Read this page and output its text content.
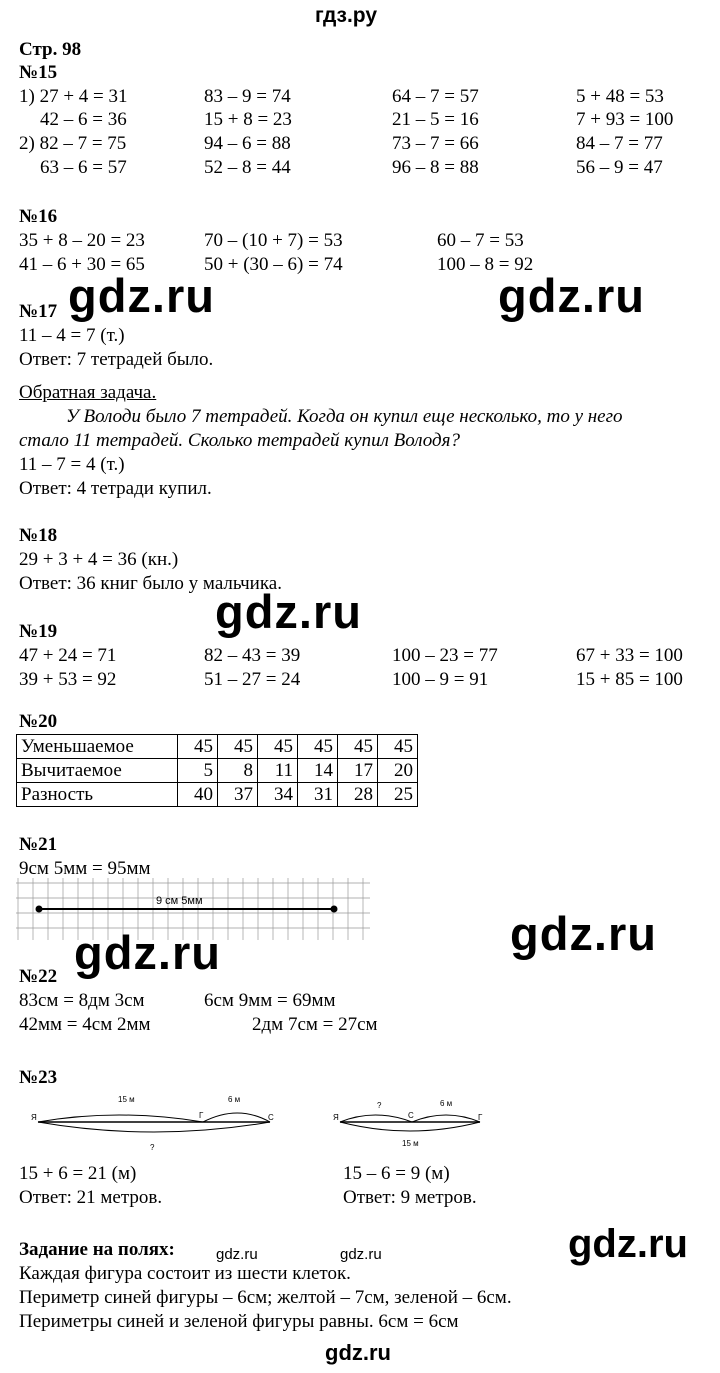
гдз.ру
Стр. 98
№15
1) 27 + 4 = 31	83 – 9 = 74	64 – 7 = 57	5 + 48 = 53
42 – 6 = 36	15 + 8 = 23	21 – 5 = 16	7 + 93 = 100
2) 82 – 7 = 75	94 – 6 = 88	73 – 7 = 66	84 – 7 = 77
63 – 6 = 57	52 – 8 = 44	96 – 8 = 88	56 – 9 = 47
№16
35 + 8 – 20 = 23	70 – (10 + 7) = 53	60 – 7 = 53
41 – 6 + 30 = 65	50 + (30 – 6) = 74	100 – 8 = 92
gdz.ru	gdz.ru
№17
11 – 4 = 7 (т.)
Ответ: 7 тетрадей было.
Обратная задача.
У Володи было 7 тетрадей. Когда он купил еще несколько, то у него
стало 11 тетрадей. Сколько тетрадей купил Володя?
11 – 7 = 4 (т.)
Ответ: 4 тетради купил.
№18
29 + 3 + 4 = 36 (кн.)
Ответ: 36 книг было у мальчика.
gdz.ru
№19
47 + 24 = 71	82 – 43 = 39	100 – 23 = 77	67 + 33 = 100
39 + 53 = 92	51 – 27 = 24	100 – 9 = 91	15 + 85 = 100
№20
Уменьшаемое	45	45	45	45	45	45
Вычитаемое	5	8	11	14	17	20
Разность	40	37	34	31	28	25
№21
9см 5мм = 95мм
9 см 5мм
gdz.ru	gdz.ru
№22
83см = 8дм 3см	6см 9мм = 69мм
42мм = 4см 2мм	2дм 7см = 27см
№23
15 м	6 м
?
Я	Г	С
?	6 м
15 м
Я	С	Г
15 + 6 = 21 (м)
Ответ: 21 метров.
15 – 6 = 9 (м)
Ответ: 9 метров.
Задание на полях:	gdz.ru	gdz.ru	gdz.ru
Каждая фигура состоит из шести клеток.
Периметр синей фигуры – 6см; желтой – 7см, зеленой – 6см.
Периметры синей и зеленой фигуры равны. 6см = 6см
gdz.ru
